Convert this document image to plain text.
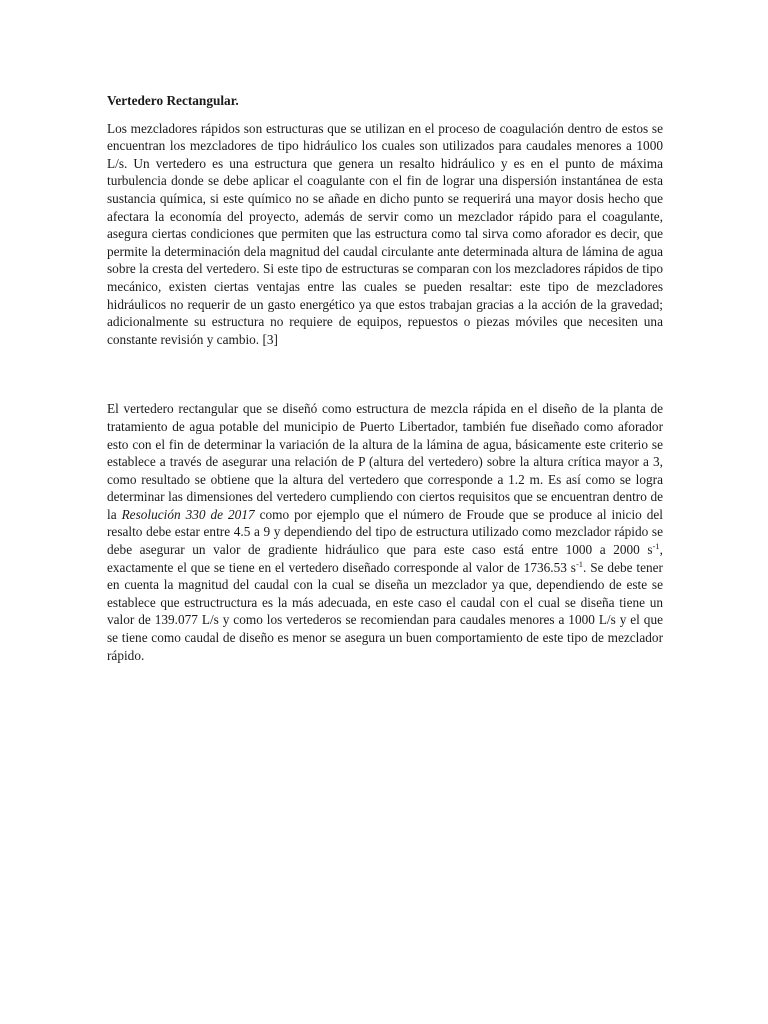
Vertedero Rectangular.

Los mezcladores rápidos son estructuras que se utilizan en el proceso de coagulación dentro de estos se encuentran los mezcladores de tipo hidráulico los cuales son utilizados para caudales menores a 1000 L/s. Un vertedero es una estructura que genera un resalto hidráulico y es en el punto de máxima turbulencia donde se debe aplicar el coagulante con el fin de lograr una dispersión instantánea de esta sustancia química, si este químico no se añade en dicho punto se requerirá una mayor dosis hecho que afectara la economía del proyecto, además de servir como un mezclador rápido para el coagulante, asegura ciertas condiciones que permiten que las estructura como tal sirva como aforador es decir, que permite la determinación dela magnitud del caudal circulante ante determinada altura de lámina de agua sobre la cresta del vertedero. Si este tipo de estructuras se comparan con los mezcladores rápidos de tipo mecánico, existen ciertas ventajas entre las cuales se pueden resaltar: este tipo de mezcladores hidráulicos no requerir de un gasto energético ya que estos trabajan gracias a la acción de la gravedad; adicionalmente su estructura no requiere de equipos, repuestos o piezas móviles que necesiten una constante revisión y cambio. [3]

El vertedero rectangular que se diseñó como estructura de mezcla rápida en el diseño de la planta de tratamiento de agua potable del municipio de Puerto Libertador, también fue diseñado como aforador esto con el fin de determinar la variación de la altura de la lámina de agua, básicamente este criterio se establece a través de asegurar una relación de P (altura del vertedero) sobre la altura crítica mayor a 3, como resultado se obtiene que la altura del vertedero que corresponde a 1.2 m. Es así como se logra determinar las dimensiones del vertedero cumpliendo con ciertos requisitos que se encuentran dentro de la Resolución 330 de 2017 como por ejemplo que el número de Froude que se produce al inicio del resalto debe estar entre 4.5 a 9 y dependiendo del tipo de estructura utilizado como mezclador rápido se debe asegurar un valor de gradiente hidráulico que para este caso está entre 1000 a 2000 $s^{-1}$, exactamente el que se tiene en el vertedero diseñado corresponde al valor de 1736.53 $s^{-1}$. Se debe tener en cuenta la magnitud del caudal con la cual se diseña un mezclador ya que, dependiendo de este se establece que estructructura es la más adecuada, en este caso el caudal con el cual se diseña tiene un valor de 139.077 L/s y como los vertederos se recomiendan para caudales menores a 1000 L/s y el que se tiene como caudal de diseño es menor se asegura un buen comportamiento de este tipo de mezclador rápido.
